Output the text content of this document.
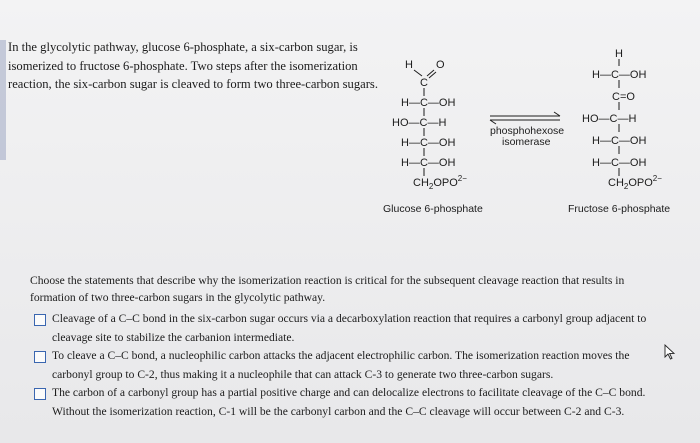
In the glycolytic pathway, glucose 6-phosphate, a six-carbon sugar, is isomerized to fructose 6-phosphate. Two steps after the isomerization reaction, the six-carbon sugar is cleaved to form two three-carbon sugars.
H O
C
H—C—OH
HO—C—H
H—C—OH
H—C—OH
$CH_2OPO^{2-}$
Glucose 6-phosphate
phosphohexose
isomerase
H
H—C—OH
C=O
HO—C—H
H—C—OH
H—C—OH
$CH_2OPO^{2-}$
Fructose 6-phosphate
Choose the statements that describe why the isomerization reaction is critical for the subsequent cleavage reaction that results in formation of two three-carbon sugars in the glycolytic pathway.
Cleavage of a C–C bond in the six-carbon sugar occurs via a decarboxylation reaction that requires a carbonyl group adjacent to cleavage site to stabilize the carbanion intermediate.
To cleave a C–C bond, a nucleophilic carbon attacks the adjacent electrophilic carbon. The isomerization reaction moves the carbonyl group to C-2, thus making it a nucleophile that can attack C-3 to generate two three-carbon sugars.
The carbon of a carbonyl group has a partial positive charge and can delocalize electrons to facilitate cleavage of the C–C bond. Without the isomerization reaction, C-1 will be the carbonyl carbon and the C–C cleavage will occur between C-2 and C-3.
